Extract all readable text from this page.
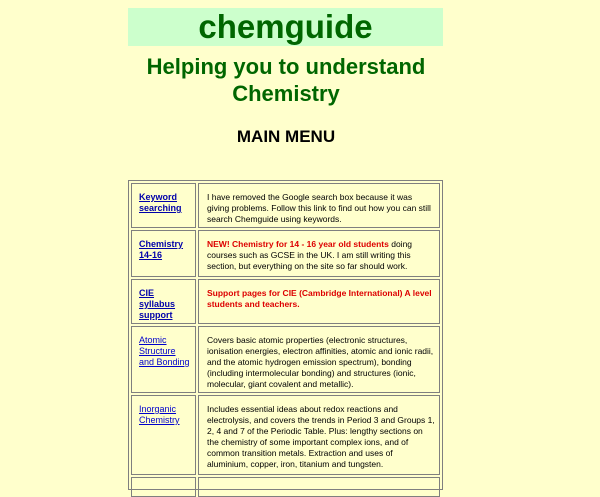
chemguide
Helping you to understand
Chemistry
MAIN MENU
Keyword searching
I have removed the Google search box because it was giving problems. Follow this link to find out how you can still search Chemguide using keywords.
Chemistry 14-16
NEW! Chemistry for 14 - 16 year old students doing courses such as GCSE in the UK. I am still writing this section, but everything on the site so far should work.
CIE syllabus support
Support pages for CIE (Cambridge International) A level students and teachers.
Atomic Structure and Bonding
Covers basic atomic properties (electronic structures, ionisation energies, electron affinities, atomic and ionic radii, and the atomic hydrogen emission spectrum), bonding (including intermolecular bonding) and structures (ionic, molecular, giant covalent and metallic).
Inorganic Chemistry
Includes essential ideas about redox reactions and electrolysis, and covers the trends in Period 3 and Groups 1, 2, 4 and 7 of the Periodic Table. Plus: lengthy sections on the chemistry of some important complex ions, and of common transition metals. Extraction and uses of aluminium, copper, iron, titanium and tungsten.
